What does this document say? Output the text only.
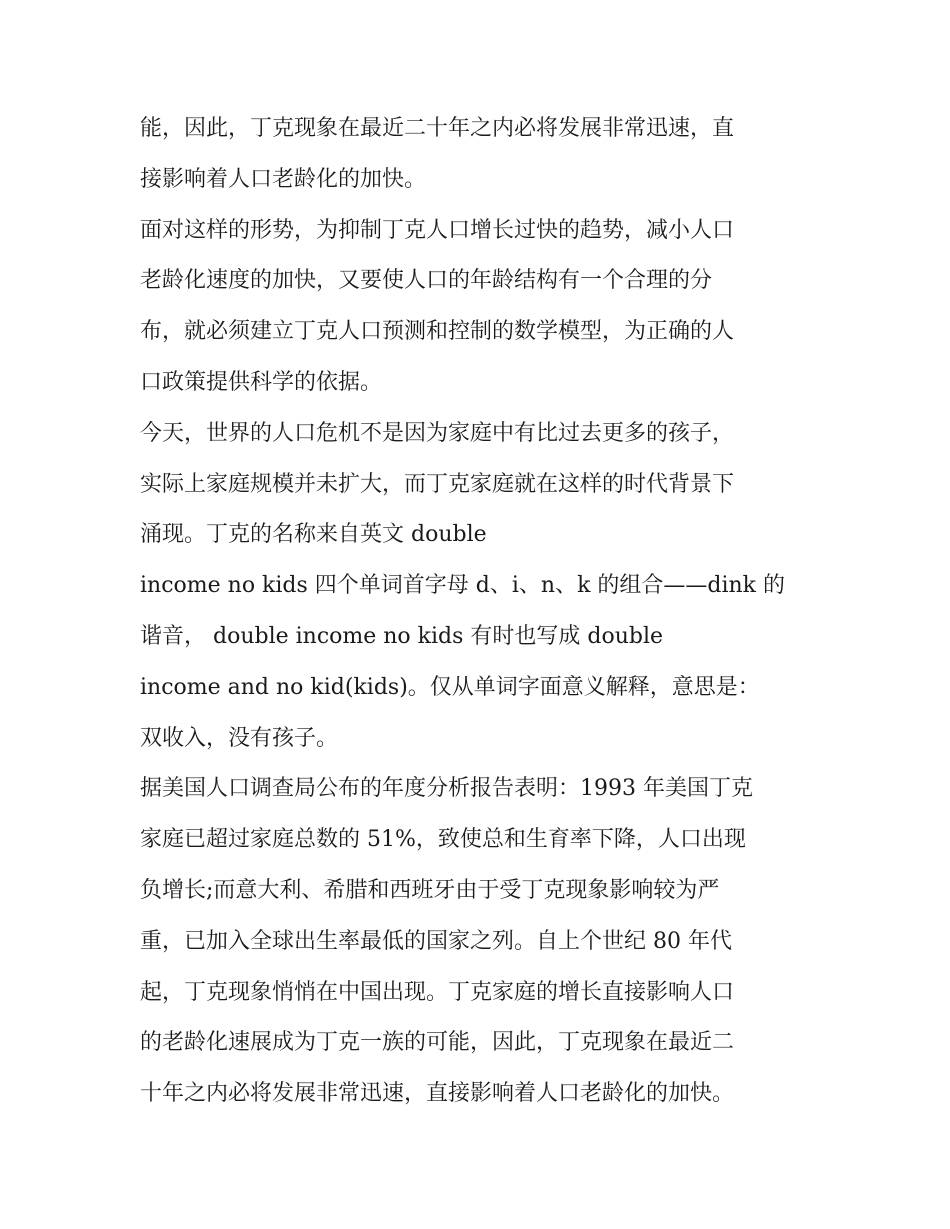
能，因此，丁克现象在最近二十年之内必将发展非常迅速，直
接影响着人口老龄化的加快。
面对这样的形势，为抑制丁克人口增长过快的趋势，减小人口
老龄化速度的加快，又要使人口的年龄结构有一个合理的分
布，就必须建立丁克人口预测和控制的数学模型，为正确的人
口政策提供科学的依据。
今天，世界的人口危机不是因为家庭中有比过去更多的孩子，
实际上家庭规模并未扩大，而丁克家庭就在这样的时代背景下
涌现。丁克的名称来自英文 double
income no kids 四个单词首字母 d、i、n、k 的组合——dink 的
谐音， double income no kids 有时也写成 double
income and no kid(kids)。仅从单词字面意义解释，意思是：
双收入，没有孩子。
据美国人口调查局公布的年度分析报告表明：1993 年美国丁克
家庭已超过家庭总数的 51%，致使总和生育率下降，人口出现
负增长;而意大利、希腊和西班牙由于受丁克现象影响较为严
重，已加入全球出生率最低的国家之列。自上个世纪 80 年代
起，丁克现象悄悄在中国出现。丁克家庭的增长直接影响人口
的老龄化速展成为丁克一族的可能，因此，丁克现象在最近二
十年之内必将发展非常迅速，直接影响着人口老龄化的加快。
